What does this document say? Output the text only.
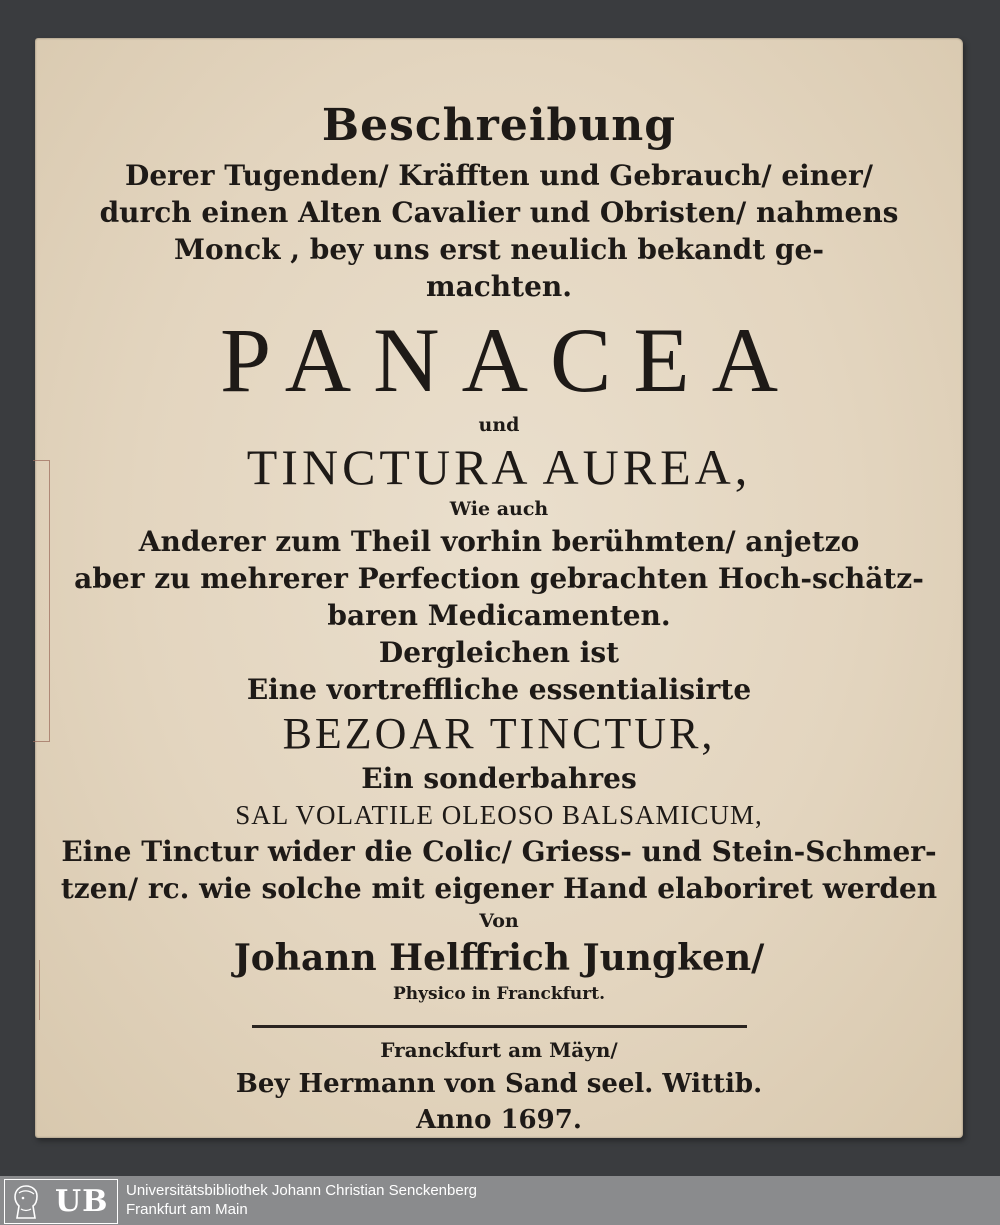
Beschreibung
Derer Tugenden/ Kräfften und Gebrauch/ einer/
durch einen Alten Cavalier und Obristen/ nahmens
Monck , bey uns erst neulich bekandt ge-
machten.
PANACEA
und
TINCTURA AUREA,
Wie auch
Anderer zum Theil vorhin berühmten/ anjetzo
aber zu mehrerer Perfection gebrachten Hoch-schätz-
baren Medicamenten.
Dergleichen ist
Eine vortreffliche essentialisirte
BEZOAR TINCTUR,
Ein sonderbahres
SAL VOLATILE OLEOSO BALSAMICUM,
Eine Tinctur wider die Colic/ Griess- und Stein-Schmer-
tzen/ rc. wie solche mit eigener Hand elaboriret werden
Von
Johann Helffrich Jungken/
Physico in Franckfurt.
Franckfurt am Mäyn/
Bey Hermann von Sand seel. Wittib.
Anno 1697.
UB Universitätsbibliothek Johann Christian Senckenberg
Frankfurt am Main
